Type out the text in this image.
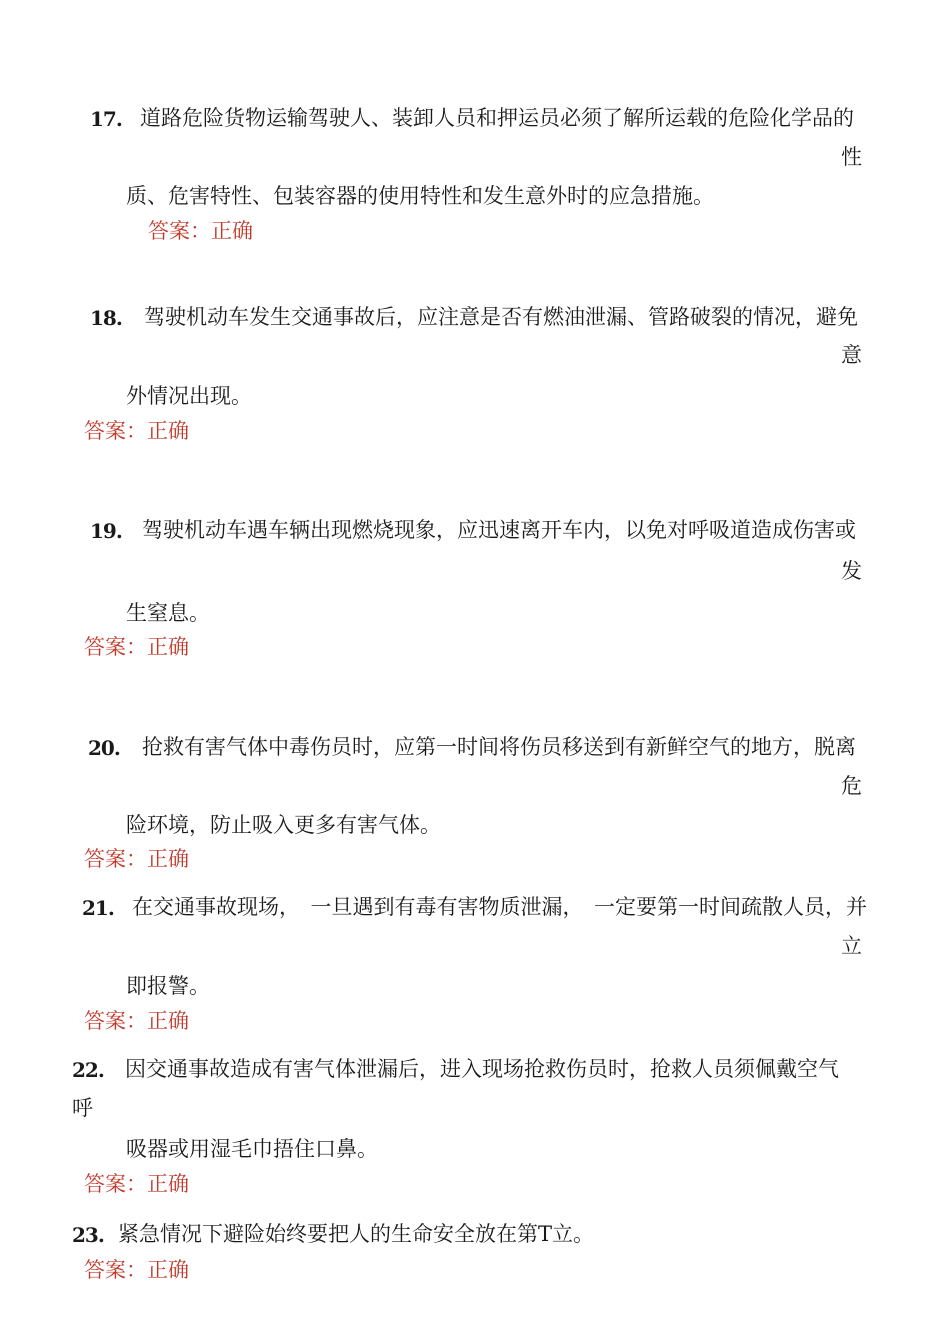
17. 道路危险货物运输驾驶人、装卸人员和押运员必须了解所运载的危险化学品的
性
质、危害特性、包装容器的使用特性和发生意外时的应急措施。
答案：正确
18. 驾驶机动车发生交通事故后，应注意是否有燃油泄漏、管路破裂的情况，避免
意
外情况出现。
答案：正确
19. 驾驶机动车遇车辆出现燃烧现象，应迅速离开车内，以免对呼吸道造成伤害或
发
生窒息。
答案：正确
20. 抢救有害气体中毒伤员时，应第一时间将伤员移送到有新鲜空气的地方，脱离
危
险环境，防止吸入更多有害气体。
答案：正确
21. 在交通事故现场，　一旦遇到有毒有害物质泄漏，　一定要第一时间疏散人员，并
立
即报警。
答案：正确
22. 因交通事故造成有害气体泄漏后，进入现场抢救伤员时，抢救人员须佩戴空气
呼
吸器或用湿毛巾捂住口鼻。
答案：正确
23. 紧急情况下避险始终要把人的生命安全放在第T立。
答案：正确
